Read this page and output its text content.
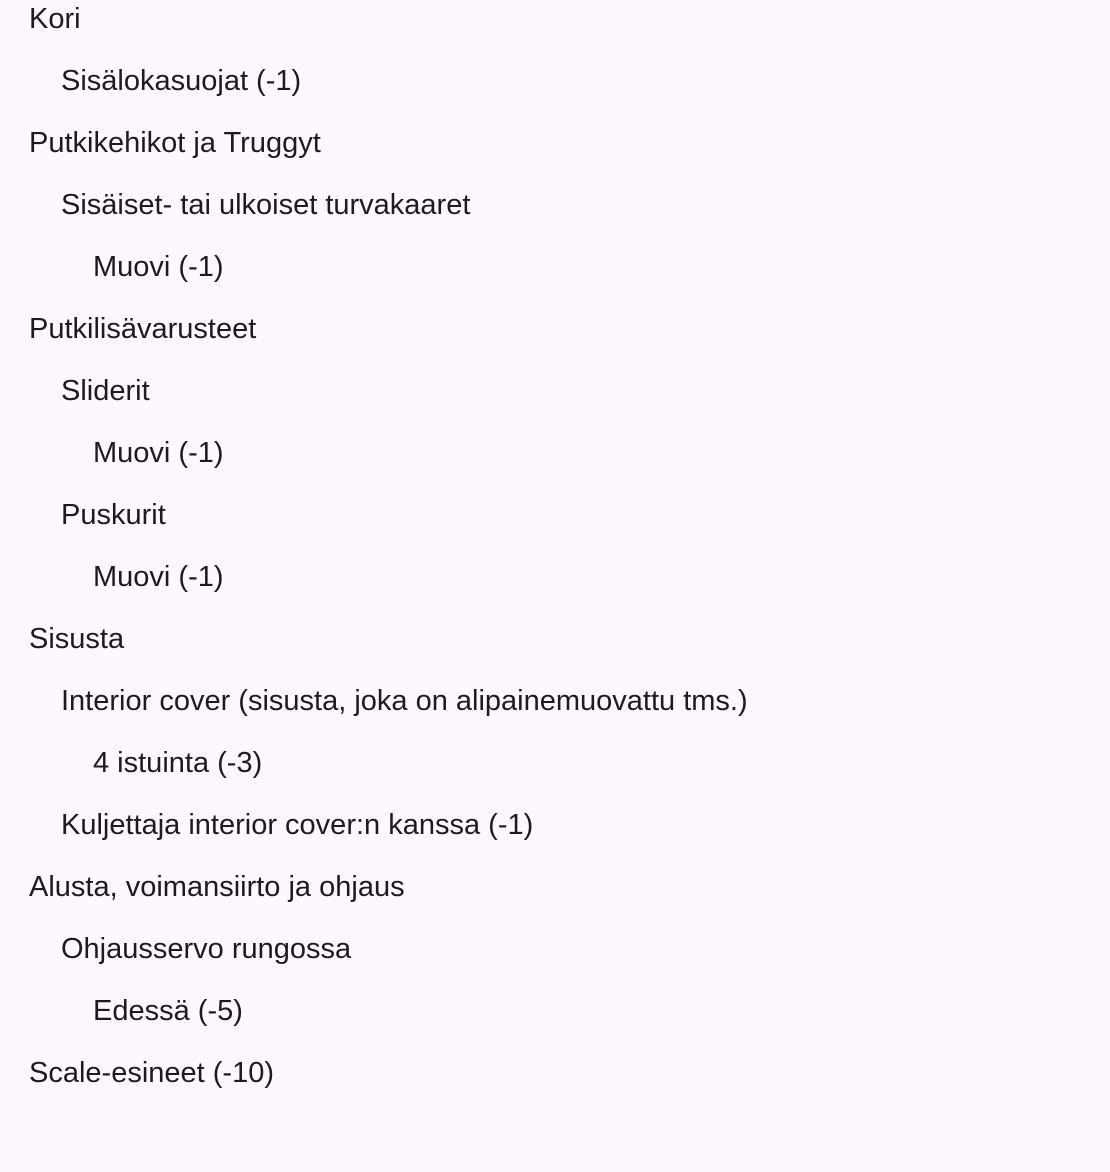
Kori
Sisälokasuojat (-1)
Putkikehikot ja Truggyt
Sisäiset- tai ulkoiset turvakaaret
Muovi (-1)
Putkilisävarusteet
Sliderit
Muovi (-1)
Puskurit
Muovi (-1)
Sisusta
Interior cover (sisusta, joka on alipainemuovattu tms.)
4 istuinta (-3)
Kuljettaja interior cover:n kanssa (-1)
Alusta, voimansiirto ja ohjaus
Ohjausservo rungossa
Edessä (-5)
Scale-esineet (-10)
